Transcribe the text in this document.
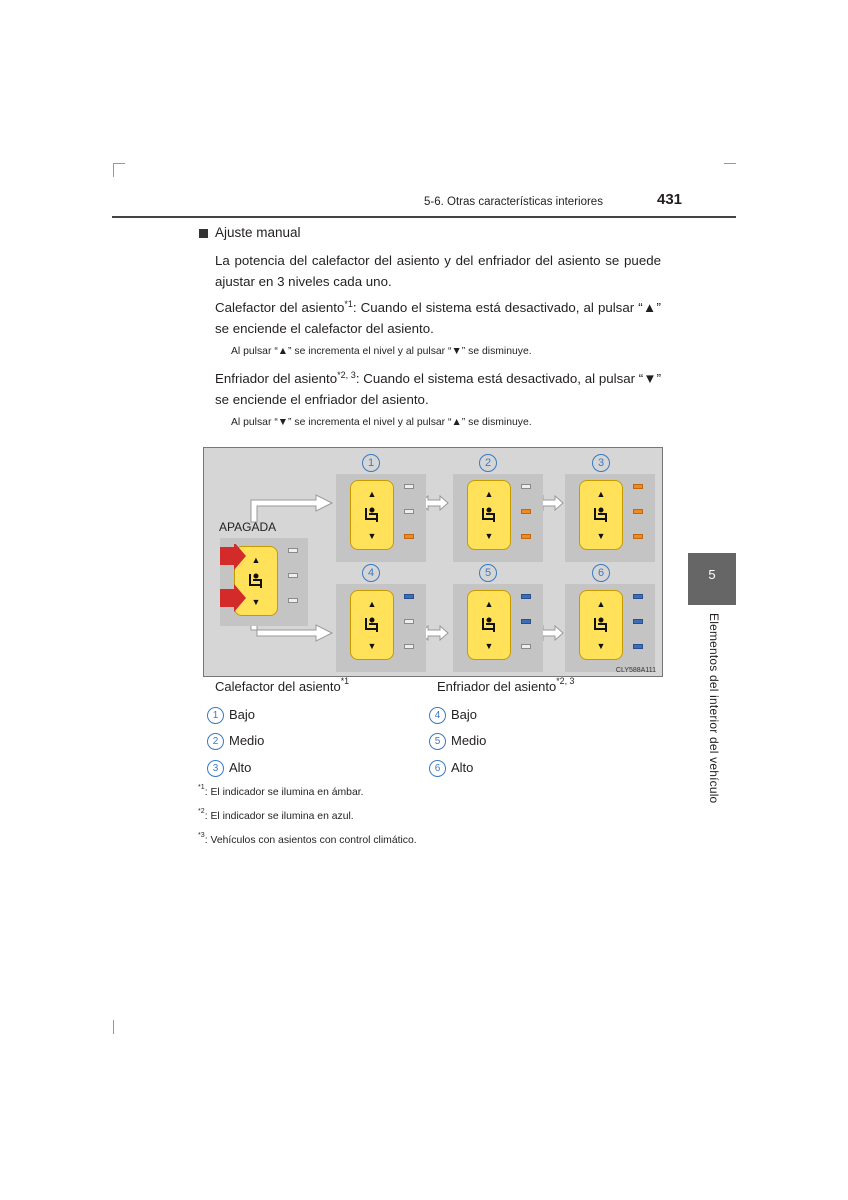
5-6. Otras características interiores	431
5
Elementos del interior del vehículo
Ajuste manual
La potencia del calefactor del asiento y del enfriador del asiento se puede ajustar en 3 niveles cada uno.
Calefactor del asiento$^{*1}$: Cuando el sistema está desactivado, al pulsar “▲” se enciende el calefactor del asiento.
Al pulsar “▲” se incrementa el nivel y al pulsar “▼” se disminuye.
Enfriador del asiento$^{*2, 3}$: Cuando el sistema está desactivado, al pulsar “▼” se enciende el enfriador del asiento.
Al pulsar “▼” se incrementa el nivel y al pulsar “▲” se disminuye.
APAGADA
▲
▼
1	2	3
4	5	6
▲
▼
▲
▼
▲
▼
▲
▼
▲
▼
▲
▼
CLY588A111
Calefactor del asiento$^{*1}$	Enfriador del asiento$^{*2, 3}$
1 Bajo
2 Medio
3 Alto
4 Bajo
5 Medio
6 Alto
$^{*1}$: El indicador se ilumina en ámbar.
$^{*2}$: El indicador se ilumina en azul.
$^{*3}$: Vehículos con asientos con control climático.
